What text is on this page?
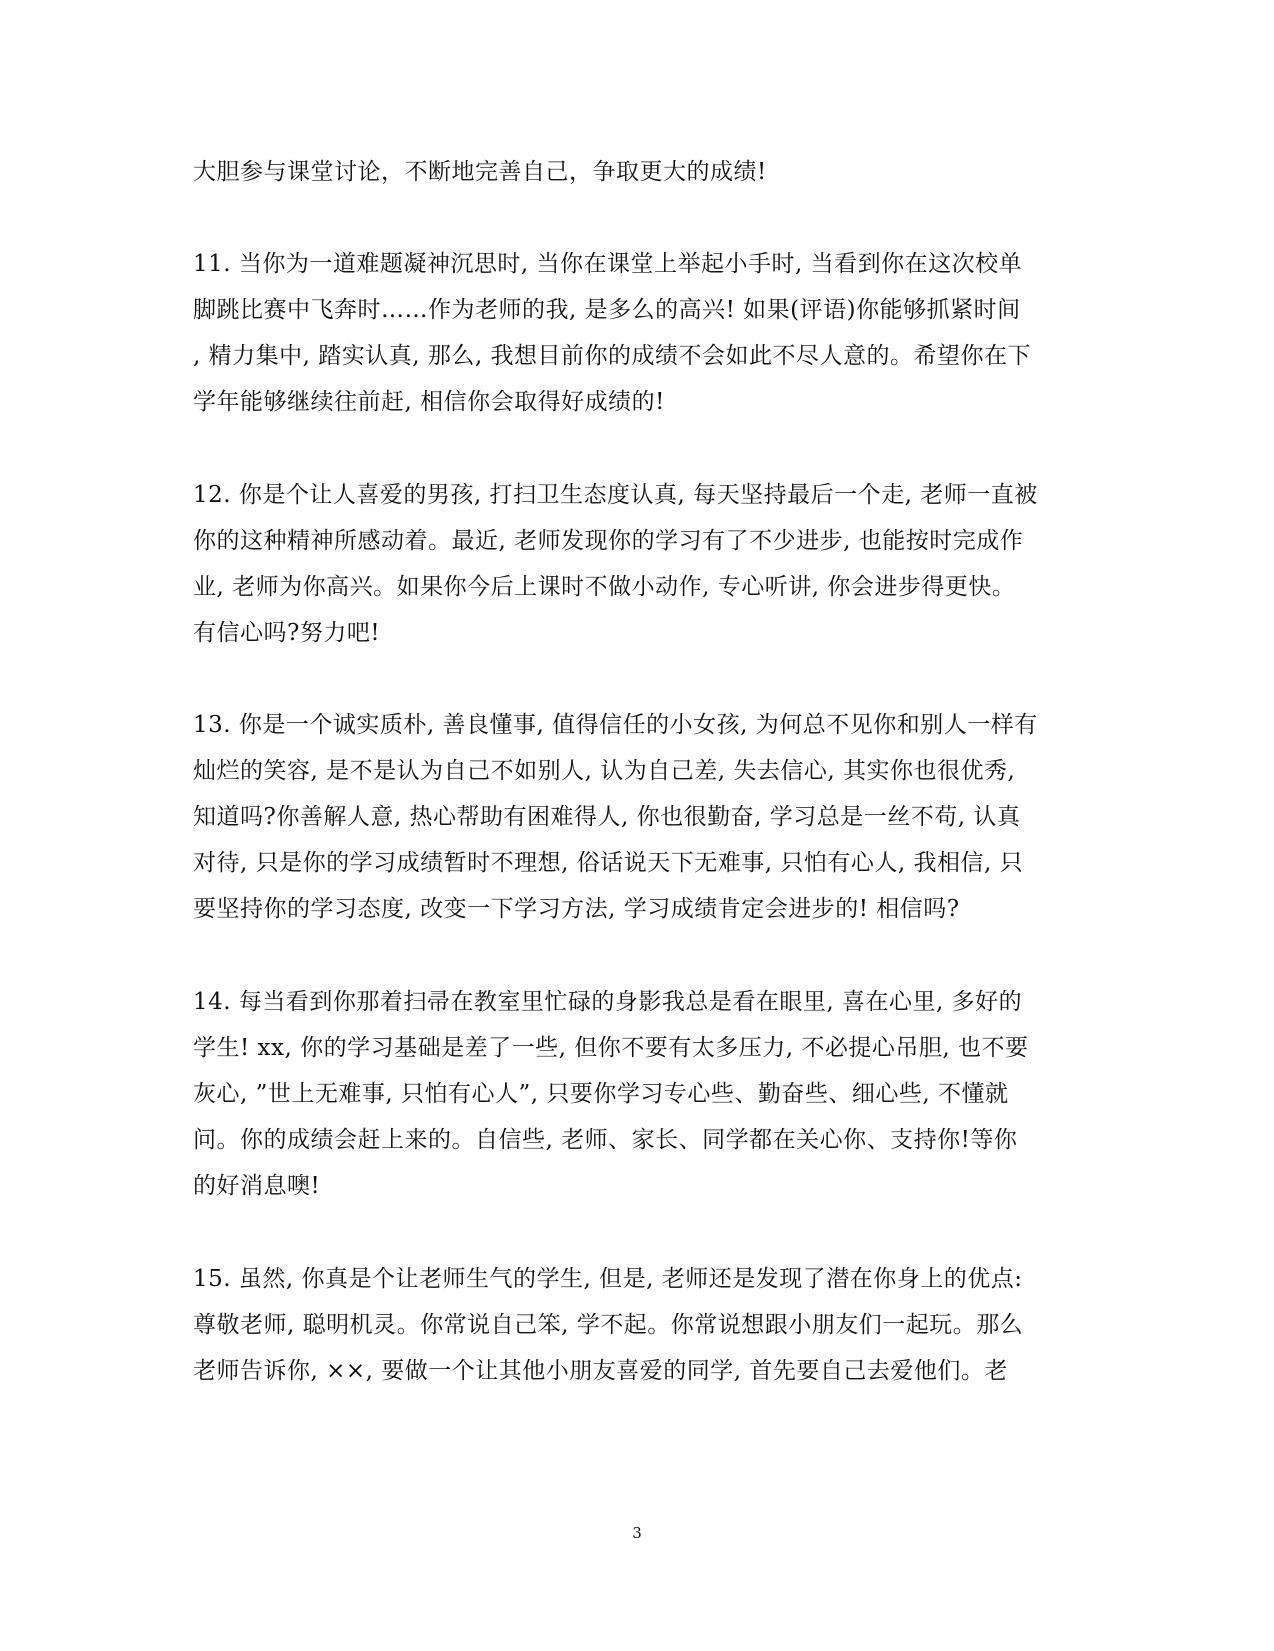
大胆参与课堂讨论，不断地完善自己，争取更大的成绩!
11. 当你为一道难题凝神沉思时, 当你在课堂上举起小手时, 当看到你在这次校单
脚跳比赛中飞奔时……作为老师的我, 是多么的高兴! 如果(评语)你能够抓紧时间
, 精力集中, 踏实认真, 那么, 我想目前你的成绩不会如此不尽人意的。希望你在下
学年能够继续往前赶, 相信你会取得好成绩的!
12. 你是个让人喜爱的男孩, 打扫卫生态度认真, 每天坚持最后一个走, 老师一直被
你的这种精神所感动着。最近, 老师发现你的学习有了不少进步, 也能按时完成作
业, 老师为你高兴。如果你今后上课时不做小动作, 专心听讲, 你会进步得更快。
有信心吗?努力吧!
13. 你是一个诚实质朴, 善良懂事, 值得信任的小女孩, 为何总不见你和别人一样有
灿烂的笑容, 是不是认为自己不如别人, 认为自己差, 失去信心, 其实你也很优秀,
知道吗?你善解人意, 热心帮助有困难得人, 你也很勤奋, 学习总是一丝不苟, 认真
对待, 只是你的学习成绩暂时不理想, 俗话说天下无难事, 只怕有心人, 我相信, 只
要坚持你的学习态度, 改变一下学习方法, 学习成绩肯定会进步的! 相信吗?
14. 每当看到你那着扫帚在教室里忙碌的身影我总是看在眼里, 喜在心里, 多好的
学生! xx, 你的学习基础是差了一些, 但你不要有太多压力, 不必提心吊胆, 也不要
灰心, ”世上无难事, 只怕有心人”, 只要你学习专心些、勤奋些、细心些, 不懂就
问。你的成绩会赶上来的。自信些, 老师、家长、同学都在关心你、支持你!等你
的好消息噢!
15. 虽然, 你真是个让老师生气的学生, 但是, 老师还是发现了潜在你身上的优点:
尊敬老师, 聪明机灵。你常说自己笨, 学不起。你常说想跟小朋友们一起玩。那么
老师告诉你, ××, 要做一个让其他小朋友喜爱的同学, 首先要自己去爱他们。老
3
